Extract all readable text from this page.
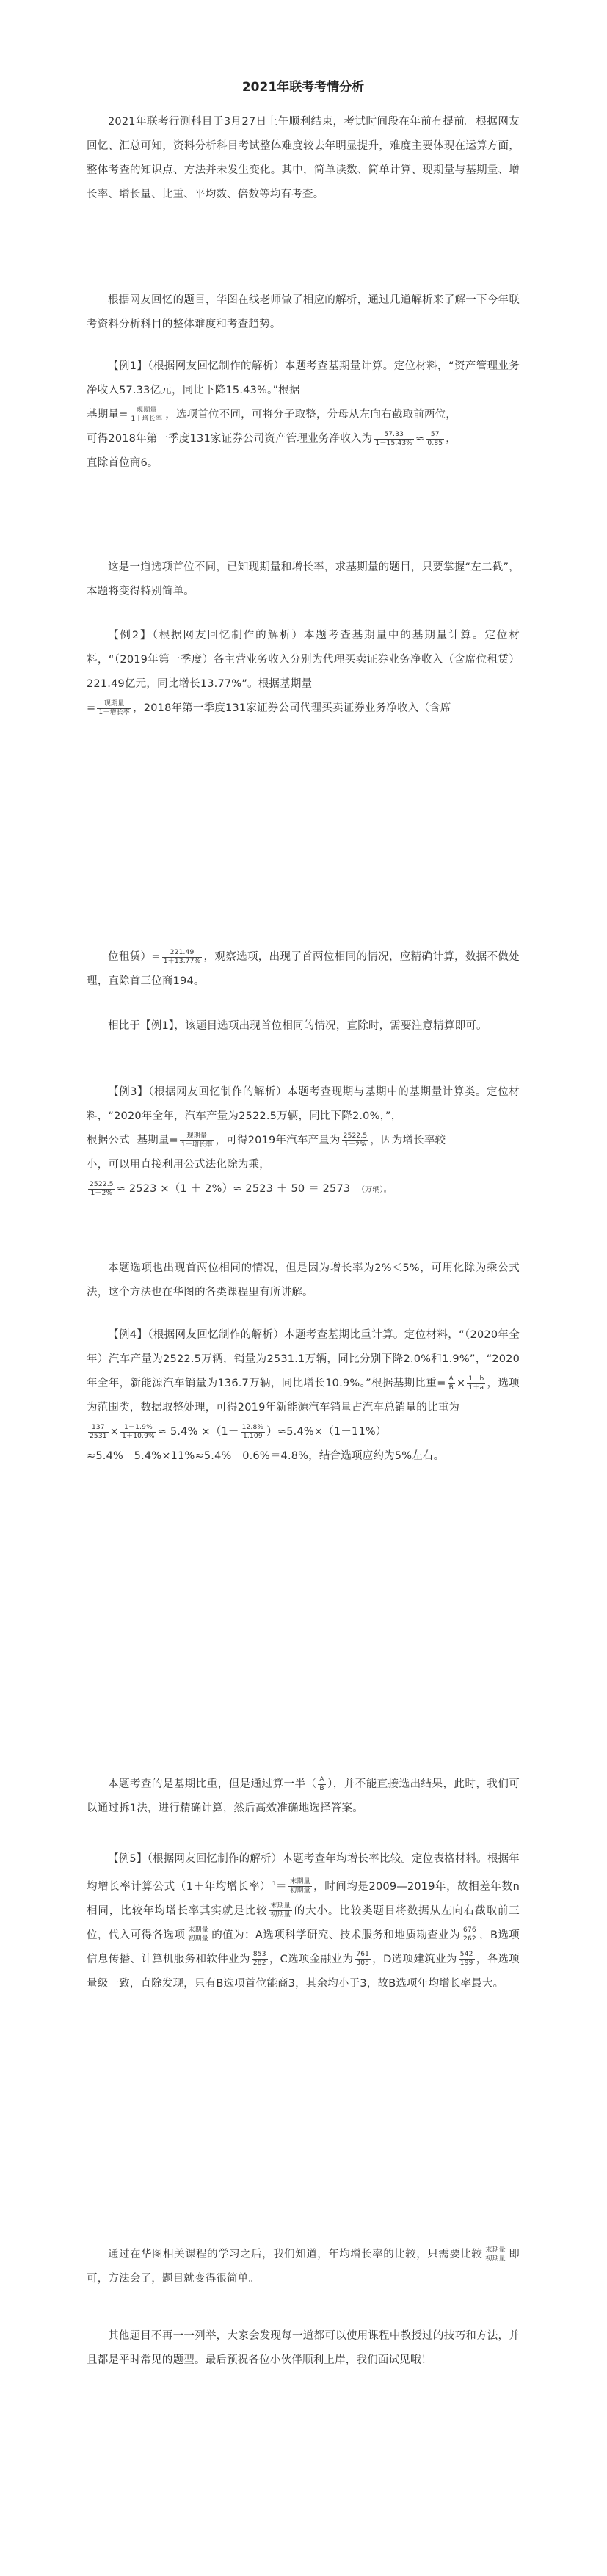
2021年联考考情分析
2021年联考行测科目于3月27日上午顺利结束，考试时间段在年前有提前。根据网友回忆、汇总可知，资料分析科目考试整体难度较去年明显提升，难度主要体现在运算方面，整体考查的知识点、方法并未发生变化。其中，简单读数、简单计算、现期量与基期量、增长率、增长量、比重、平均数、倍数等均有考查。
根据网友回忆的题目，华图在线老师做了相应的解析，通过几道解析来了解一下今年联考资料分析科目的整体难度和考查趋势。
【例1】（根据网友回忆制作的解析）本题考查基期量计算。定位材料，“资产管理业务净收入57.33亿元，同比下降15.43%。”根据
基期量= $\frac{\text{现期量}}{\text{1＋增长率}}$ ，选项首位不同，可将分子取整，分母从左向右截取前两位，
可得2018年第一季度131家证券公司资产管理业务净收入为 $\frac{57.33}{1-15.43\%} \approx \frac{57}{0.85}$ ，
直除首位商6。
这是一道选项首位不同，已知现期量和增长率，求基期量的题目，只要掌握“左二截”，本题将变得特别简单。
【例2】（根据网友回忆制作的解析）本题考查基期量中的基期量计算。定位材料，“（2019年第一季度）各主营业务收入分别为代理买卖证券业务净收入（含席位租赁）221.49亿元，同比增长13.77%”。根据基期量
= $\frac{\text{现期量}}{\text{1＋增长率}}$ ，2018年第一季度131家证券公司代理买卖证券业务净收入（含席
位租赁）= $\frac{221.49}{1+13.77\%}$ ，观察选项，出现了首两位相同的情况，应精确计算，数据不做处理，直除首三位商194。
相比于【例1】，该题目选项出现首位相同的情况，直除时，需要注意精算即可。
【例3】（根据网友回忆制作的解析）本题考查现期与基期中的基期量计算类。定位材料，“2020年全年，汽车产量为2522.5万辆，同比下降2.0%，”，
根据公式 基期量= $\frac{\text{现期量}}{\text{1＋增长率}}$ ，可得2019年汽车产量为 $\frac{2522.5}{1-2\%}$ ，因为增长率较
小，可以用直接利用公式法化除为乘，

$\frac{2522.5}{1-2\%} \approx 2523 \times(1 + 2\%)\approx 2523 + 50 = 2573$ （万辆）。
本题选项也出现首两位相同的情况，但是因为增长率为2%＜5%，可用化除为乘公式法，这个方法也在华图的各类课程里有所讲解。
【例4】（根据网友回忆制作的解析）本题考查基期比重计算。定位材料，“（2020年全年）汽车产量为2522.5万辆，销量为2531.1万辆，同比分别下降2.0%和1.9%”，“2020年全年，新能源汽车销量为136.7万辆，同比增长10.9%。”根据基期比重= $\frac{A}{B} \times \frac{1+b}{1+a}$ ，选项为范围类，数据取整处理，可得2019年新能源汽车销量占汽车总销量的比重为

$\frac{137}{2531} \times \frac{1-1.9\%}{1+10.9\%} \approx 5.4\% \times(1- \frac{12.8\%}{1.109} )\approx 5.4\%\times(1-11\%)$
≈5.4%－5.4%×11%≈5.4%－0.6%＝4.8%，结合选项应约为5%左右。
本题考查的是基期比重，但是通过算一半（ $\frac{A}{B}$ ），并不能直接选出结果，此时，我们可以通过拆1法，进行精确计算，然后高效准确地选择答案。
【例5】（根据网友回忆制作的解析）本题考查年均增长率比较。定位表格材料。根据年均增长率计算公式（1＋年均增长率）$^n= \frac{\text{末期量}}{\text{初期量}}$ ，时间均是2009—2019年，故相差年数n相同，比较年均增长率其实就是比较 $\frac{\text{末期量}}{\text{初期量}}$ 的大小。比较类题目将数据从左向右截取前三位，代入可得各选项 $\frac{\text{末期量}}{\text{初期量}}$ 的值为：A选项科学研究、技术服务和地质勘查业为 $\frac{676}{262}$ ，B选项信息传播、计算机服务和软件业为 $\frac{853}{282}$ ，C选项金融业为 $\frac{761}{305}$ ，D选项建筑业为 $\frac{542}{199}$ ，各选项量级一致，直除发现，只有B选项首位能商3，其余均小于3，故B选项年均增长率最大。
通过在华图相关课程的学习之后，我们知道，年均增长率的比较，只需要比较 $\frac{\text{末期量}}{\text{初期量}}$ 即可，方法会了，题目就变得很简单。
其他题目不再一一列举，大家会发现每一道都可以使用课程中教授过的技巧和方法，并且都是平时常见的题型。最后预祝各位小伙伴顺利上岸，我们面试见哦！
